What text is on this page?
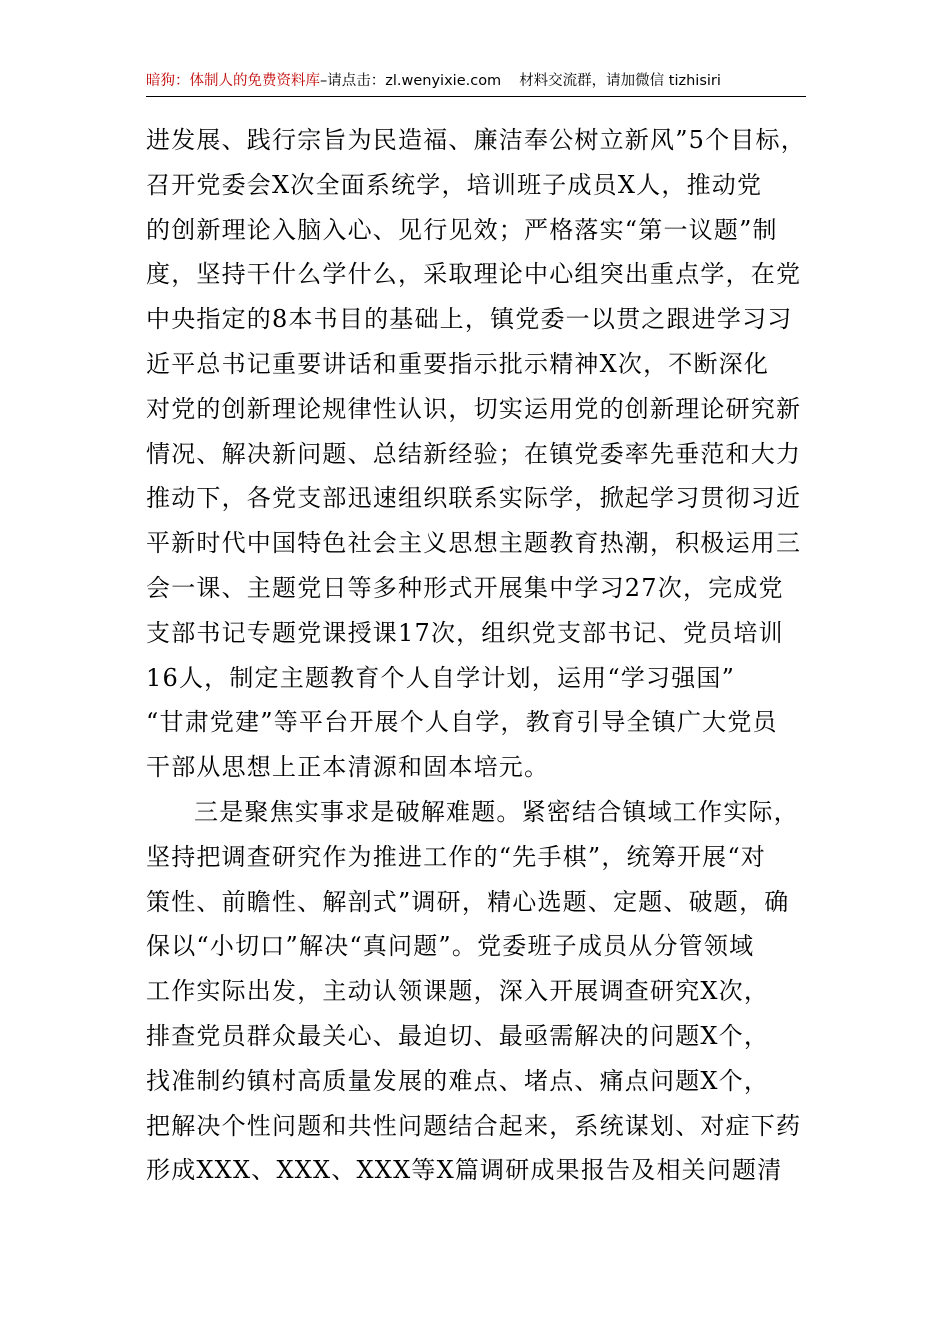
暗狗：体制人的免费资料库–请点击：zl.wenyixie.com 材料交流群，请加微信 tizhisiri
进发展、践行宗旨为民造福、廉洁奉公树立新风”5个目标，
召开党委会X次全面系统学，培训班子成员X人，推动党
的创新理论入脑入心、见行见效；严格落实“第一议题”制
度，坚持干什么学什么，采取理论中心组突出重点学，在党
中央指定的8本书目的基础上，镇党委一以贯之跟进学习习
近平总书记重要讲话和重要指示批示精神X次，不断深化
对党的创新理论规律性认识，切实运用党的创新理论研究新
情况、解决新问题、总结新经验；在镇党委率先垂范和大力
推动下，各党支部迅速组织联系实际学，掀起学习贯彻习近
平新时代中国特色社会主义思想主题教育热潮，积极运用三
会一课、主题党日等多种形式开展集中学习27次，完成党
支部书记专题党课授课17次，组织党支部书记、党员培训
16人，制定主题教育个人自学计划，运用“学习强国”
“甘肃党建”等平台开展个人自学，教育引导全镇广大党员
干部从思想上正本清源和固本培元。
三是聚焦实事求是破解难题。紧密结合镇域工作实际，
坚持把调查研究作为推进工作的“先手棋”，统筹开展“对
策性、前瞻性、解剖式”调研，精心选题、定题、破题，确
保以“小切口”解决“真问题”。党委班子成员从分管领域
工作实际出发，主动认领课题，深入开展调查研究X次，
排查党员群众最关心、最迫切、最亟需解决的问题X个，
找准制约镇村高质量发展的难点、堵点、痛点问题X个，
把解决个性问题和共性问题结合起来，系统谋划、对症下药
形成XXX、XXX、XXX等X篇调研成果报告及相关问题清
